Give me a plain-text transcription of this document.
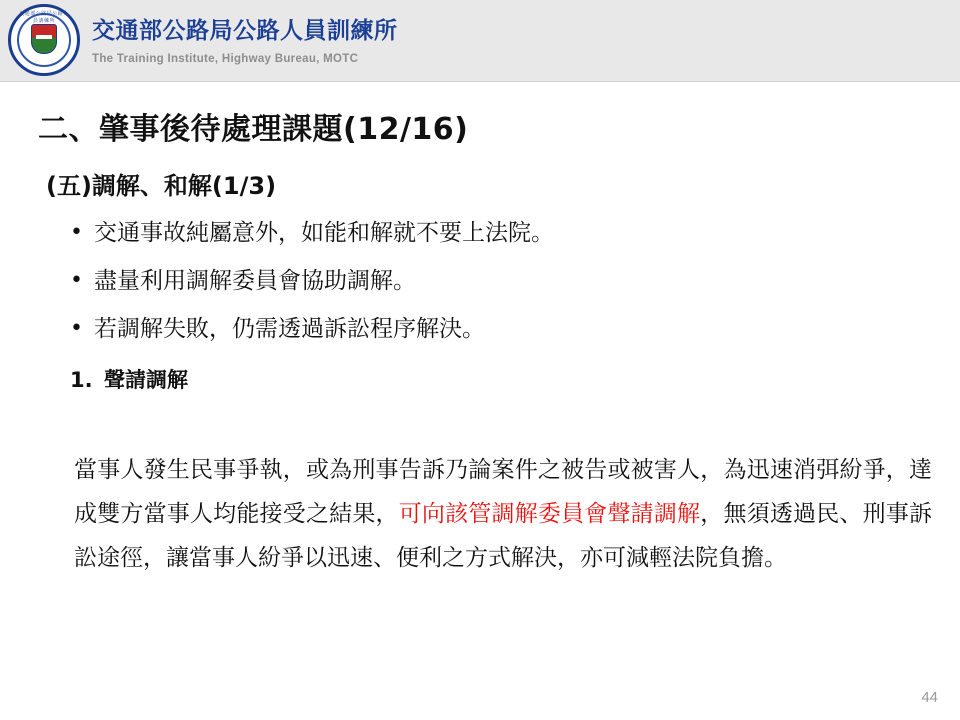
交通部公路局公路人員訓練所	交通部公路局公路人員訓練所
The Training Institute, Highway Bureau, MOTC
二、肇事後待處理課題(12/16)
(五)調解、和解(1/3)
• 交通事故純屬意外，如能和解就不要上法院。
• 盡量利用調解委員會協助調解。
• 若調解失敗，仍需透過訴訟程序解決。
1. 聲請調解
當事人發生民事爭執，或為刑事告訴乃論案件之被告或被害人，為迅速消弭紛爭，達成雙方當事人均能接受之結果，可向該管調解委員會聲請調解，無須透過民、刑事訴訟途徑，讓當事人紛爭以迅速、便利之方式解決，亦可減輕法院負擔。
44
